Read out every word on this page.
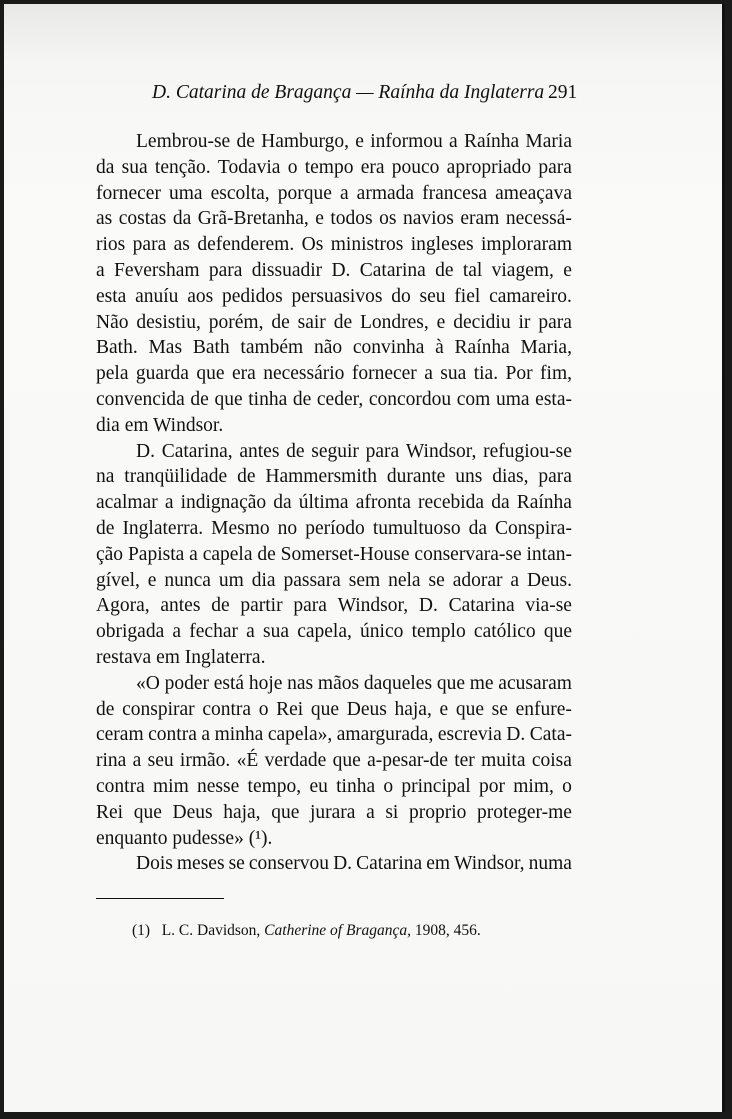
D. Catarina de Bragança — Raínha da Inglaterra 291
Lembrou-se de Hamburgo, e informou a Raínha Maria
da sua tenção. Todavia o tempo era pouco apropriado para
fornecer uma escolta, porque a armada francesa ameaçava
as costas da Grã-Bretanha, e todos os navios eram necessá-
rios para as defenderem. Os ministros ingleses imploraram
a Feversham para dissuadir D. Catarina de tal viagem, e
esta anuíu aos pedidos persuasivos do seu fiel camareiro.
Não desistiu, porém, de sair de Londres, e decidiu ir para
Bath. Mas Bath também não convinha à Raínha Maria,
pela guarda que era necessário fornecer a sua tia. Por fim,
convencida de que tinha de ceder, concordou com uma esta-
dia em Windsor.
D. Catarina, antes de seguir para Windsor, refugiou-se
na tranqüilidade de Hammersmith durante uns dias, para
acalmar a indignação da última afronta recebida da Raínha
de Inglaterra. Mesmo no período tumultuoso da Conspira-
ção Papista a capela de Somerset-House conservara-se intan-
gível, e nunca um dia passara sem nela se adorar a Deus.
Agora, antes de partir para Windsor, D. Catarina via-se
obrigada a fechar a sua capela, único templo católico que
restava em Inglaterra.
«O poder está hoje nas mãos daqueles que me acusaram
de conspirar contra o Rei que Deus haja, e que se enfure-
ceram contra a minha capela», amargurada, escrevia D. Cata-
rina a seu irmão. «É verdade que a-pesar-de ter muita coisa
contra mim nesse tempo, eu tinha o principal por mim, o
Rei que Deus haja, que jurara a si proprio proteger-me
enquanto pudesse» (¹).
Dois meses se conservou D. Catarina em Windsor, numa
(1) L. C. Davidson, Catherine of Bragança, 1908, 456.
